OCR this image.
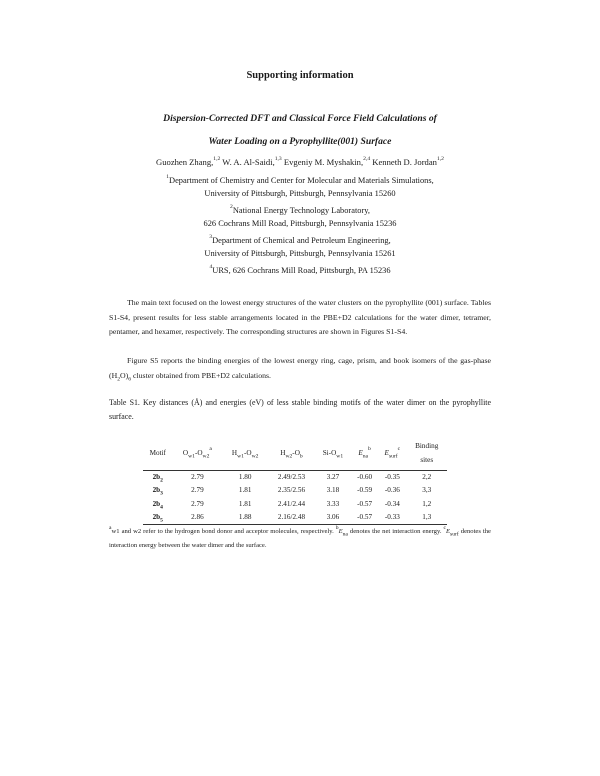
Supporting information
Dispersion-Corrected DFT and Classical Force Field Calculations of
Water Loading on a Pyrophyllite(001) Surface
Guozhen Zhang,$^{1,2}$ W. A. Al-Saidi,$^{1,3}$ Evgeniy M. Myshakin,$^{2,4}$ Kenneth D. Jordan$^{1,2}$
$^1$Department of Chemistry and Center for Molecular and Materials Simulations,
University of Pittsburgh, Pittsburgh, Pennsylvania 15260
$^2$National Energy Technology Laboratory,
626 Cochrans Mill Road, Pittsburgh, Pennsylvania 15236
$^3$Department of Chemical and Petroleum Engineering,
University of Pittsburgh, Pittsburgh, Pennsylvania 15261
$^4$URS, 626 Cochrans Mill Road, Pittsburgh, PA 15236
The main text focused on the lowest energy structures of the water clusters on the pyrophyllite (001) surface. Tables S1-S4, present results for less stable arrangements located in the PBE+D2 calculations for the water dimer, tetramer, pentamer, and hexamer, respectively. The corresponding structures are shown in Figures S1-S4.
Figure S5 reports the binding energies of the lowest energy ring, cage, prism, and book isomers of the gas-phase $(H_2O)_6$ cluster obtained from PBE+D2 calculations.
Table S1. Key distances (Å) and energies (eV) of less stable binding motifs of the water dimer on the pyrophyllite surface.
Motif	$O_{w1}-O_{w2}^a$	$H_{w1}-O_{w2}$	$H_{w2}-O_b$	$Si-O_{w1}$	$E_{na}^b$	$E_{surf}^c$	Binding
sites

$2b_2$	2.79	1.80	2.49/2.53	3.27	-0.60	-0.35	2,2
$2b_3$	2.79	1.81	2.35/2.56	3.18	-0.59	-0.36	3,3
$2b_4$	2.79	1.81	2.41/2.44	3.33	-0.57	-0.34	1,2
$2b_5$	2.86	1.88	2.16/2.48	3.06	-0.57	-0.33	1,3
$^a$w1 and w2 refer to the hydrogen bond donor and acceptor molecules, respectively. $^bE_{na}$ denotes the net interaction energy. $^cE_{surf}$ denotes the interaction energy between the water dimer and the surface.
